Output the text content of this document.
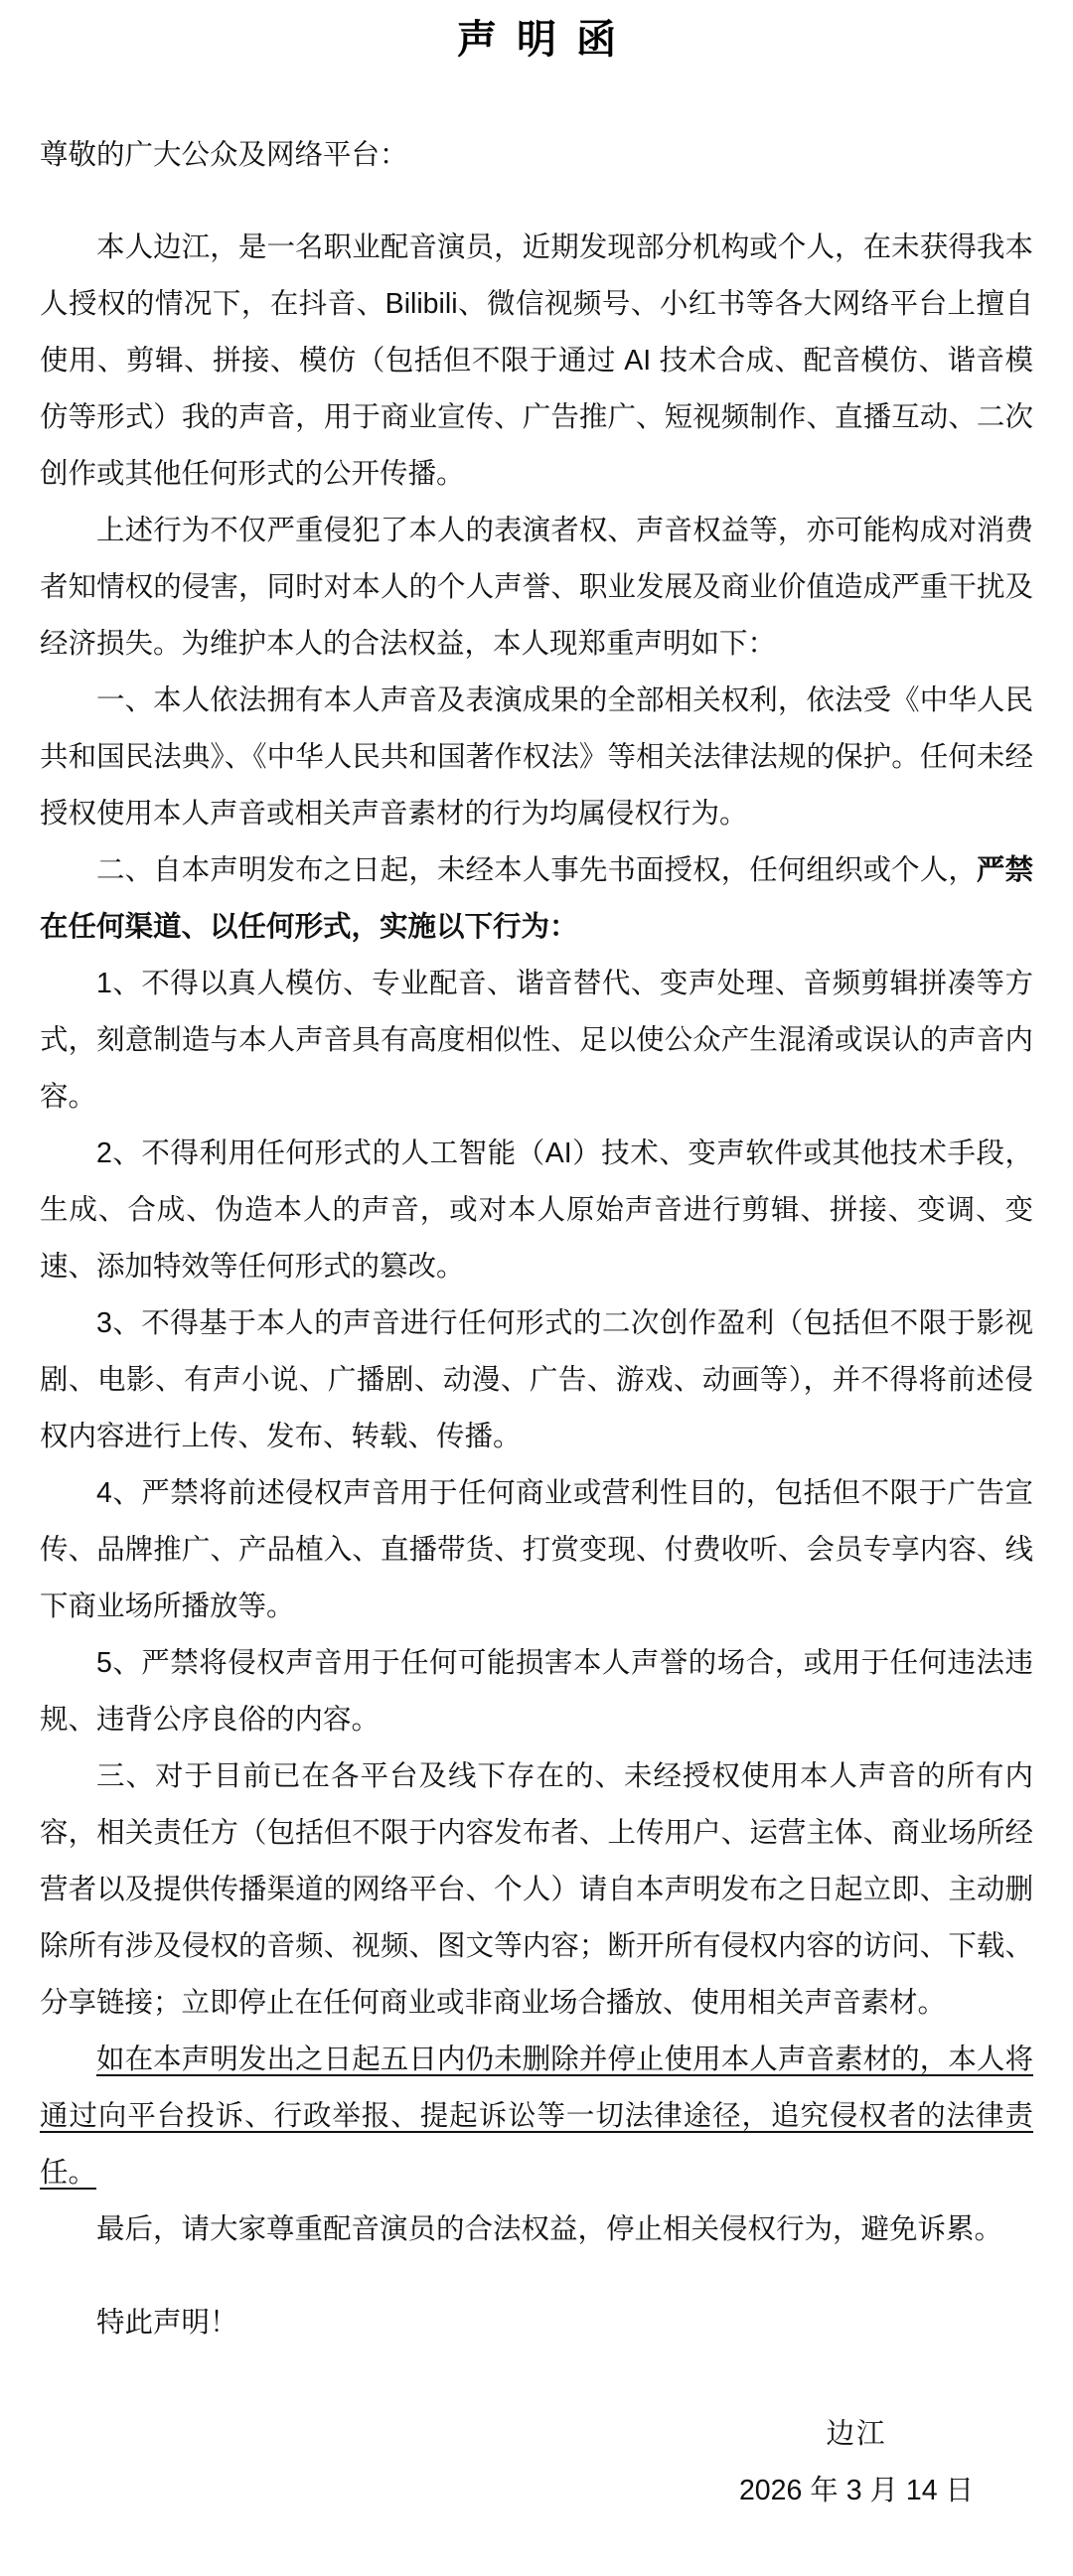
声明函
尊敬的广大公众及网络平台：

本人边江，是一名职业配音演员，近期发现部分机构或个人，在未获得我本人授权的情况下，在抖音、Bilibili、微信视频号、小红书等各大网络平台上擅自使用、剪辑、拼接、模仿（包括但不限于通过 AI 技术合成、配音模仿、谐音模仿等形式）我的声音，用于商业宣传、广告推广、短视频制作、直播互动、二次创作或其他任何形式的公开传播。

上述行为不仅严重侵犯了本人的表演者权、声音权益等，亦可能构成对消费者知情权的侵害，同时对本人的个人声誉、职业发展及商业价值造成严重干扰及经济损失。为维护本人的合法权益，本人现郑重声明如下：

一、本人依法拥有本人声音及表演成果的全部相关权利，依法受《中华人民共和国民法典》、《中华人民共和国著作权法》等相关法律法规的保护。任何未经授权使用本人声音或相关声音素材的行为均属侵权行为。

二、自本声明发布之日起，未经本人事先书面授权，任何组织或个人，严禁在任何渠道、以任何形式，实施以下行为：

1、不得以真人模仿、专业配音、谐音替代、变声处理、音频剪辑拼凑等方式，刻意制造与本人声音具有高度相似性、足以使公众产生混淆或误认的声音内容。

2、不得利用任何形式的人工智能（AI）技术、变声软件或其他技术手段，生成、合成、伪造本人的声音，或对本人原始声音进行剪辑、拼接、变调、变速、添加特效等任何形式的篡改。

3、不得基于本人的声音进行任何形式的二次创作盈利（包括但不限于影视剧、电影、有声小说、广播剧、动漫、广告、游戏、动画等），并不得将前述侵权内容进行上传、发布、转载、传播。

4、严禁将前述侵权声音用于任何商业或营利性目的，包括但不限于广告宣传、品牌推广、产品植入、直播带货、打赏变现、付费收听、会员专享内容、线下商业场所播放等。

5、严禁将侵权声音用于任何可能损害本人声誉的场合，或用于任何违法违规、违背公序良俗的内容。

三、对于目前已在各平台及线下存在的、未经授权使用本人声音的所有内容，相关责任方（包括但不限于内容发布者、上传用户、运营主体、商业场所经营者以及提供传播渠道的网络平台、个人）请自本声明发布之日起立即、主动删除所有涉及侵权的音频、视频、图文等内容；断开所有侵权内容的访问、下载、分享链接；立即停止在任何商业或非商业场合播放、使用相关声音素材。

如在本声明发出之日起五日内仍未删除并停止使用本人声音素材的，本人将通过向平台投诉、行政举报、提起诉讼等一切法律途径，追究侵权者的法律责任。

最后，请大家尊重配音演员的合法权益，停止相关侵权行为，避免诉累。

特此声明！
边江
2026 年 3 月 14 日
